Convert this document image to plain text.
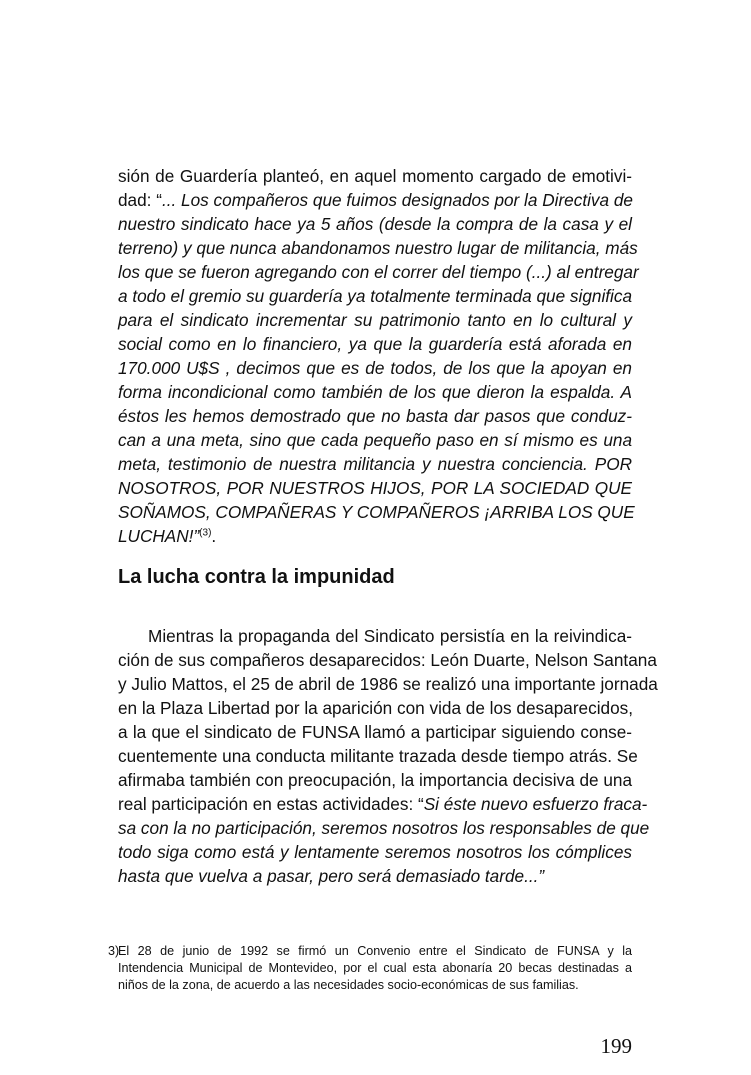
sión de Guardería planteó, en aquel momento cargado de emotivi-
dad: “... Los compañeros que fuimos designados por la Directiva de
nuestro sindicato hace ya 5 años (desde la compra de la casa y el
terreno) y que nunca abandonamos nuestro lugar de militancia, más
los que se fueron agregando con el correr del tiempo (...) al entregar
a todo el gremio su guardería ya totalmente terminada que significa
para el sindicato incrementar su patrimonio tanto en lo cultural y
social como en lo financiero, ya que la guardería está aforada en
170.000 U$S , decimos que es de todos, de los que la apoyan en
forma incondicional como también de los que dieron la espalda. A
éstos les hemos demostrado que no basta dar pasos que conduz-
can a una meta, sino que cada pequeño paso en sí mismo es una
meta, testimonio de nuestra militancia y nuestra conciencia. POR
NOSOTROS, POR NUESTROS HIJOS, POR LA SOCIEDAD QUE
SOÑAMOS, COMPAÑERAS Y COMPAÑEROS ¡ARRIBA LOS QUE
LUCHAN!”$^{(3)}$.
La lucha contra la impunidad
Mientras la propaganda del Sindicato persistía en la reivindica-
ción de sus compañeros desaparecidos: León Duarte, Nelson Santana
y Julio Mattos, el 25 de abril de 1986 se realizó una importante jornada
en la Plaza Libertad por la aparición con vida de los desaparecidos,
a la que el sindicato de FUNSA llamó a participar siguiendo conse-
cuentemente una conducta militante trazada desde tiempo atrás. Se
afirmaba también con preocupación, la importancia decisiva de una
real participación en estas actividades: “Si éste nuevo esfuerzo fraca-
sa con la no participación, seremos nosotros los responsables de que
todo siga como está y lentamente seremos nosotros los cómplices
hasta que vuelva a pasar, pero será demasiado tarde...”
3)
El 28 de junio de 1992 se firmó un Convenio entre el Sindicato de FUNSA y la
Intendencia Municipal de Montevideo, por el cual esta abonaría 20 becas destinadas a
niños de la zona, de acuerdo a las necesidades socio-económicas de sus familias.
199
